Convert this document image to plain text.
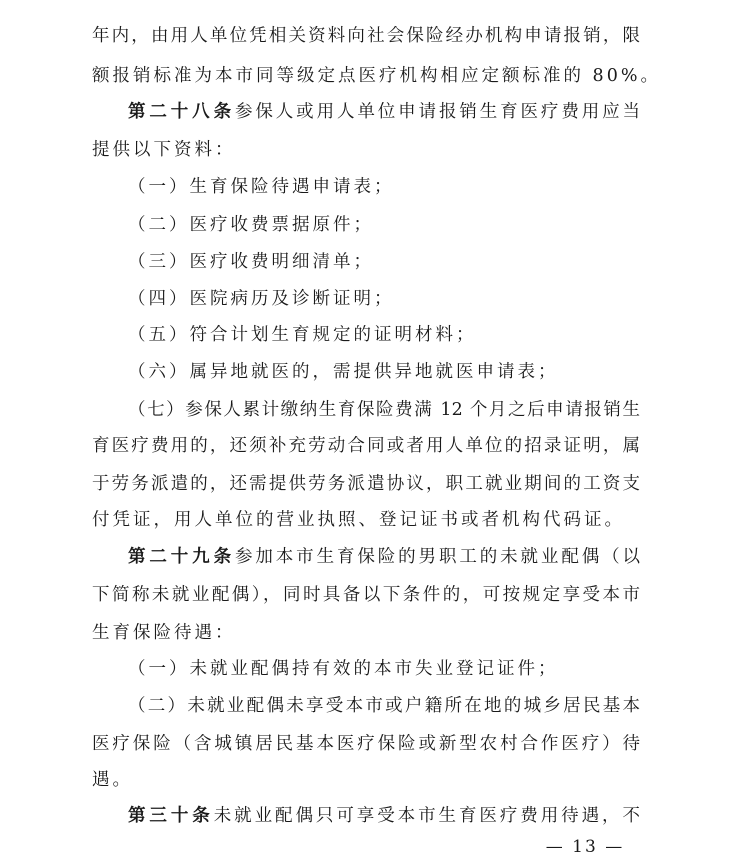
年内，由用人单位凭相关资料向社会保险经办机构申请报销，限
额报销标准为本市同等级定点医疗机构相应定额标准的 80%。
第二十八条参保人或用人单位申请报销生育医疗费用应当
提供以下资料：
（一）生育保险待遇申请表；
（二）医疗收费票据原件；
（三）医疗收费明细清单；
（四）医院病历及诊断证明；
（五）符合计划生育规定的证明材料；
（六）属异地就医的，需提供异地就医申请表；
（七）参保人累计缴纳生育保险费满 12 个月之后申请报销生
育医疗费用的，还须补充劳动合同或者用人单位的招录证明，属
于劳务派遣的，还需提供劳务派遣协议，职工就业期间的工资支
付凭证，用人单位的营业执照、登记证书或者机构代码证。
第二十九条参加本市生育保险的男职工的未就业配偶（以
下简称未就业配偶），同时具备以下条件的，可按规定享受本市
生育保险待遇：
（一）未就业配偶持有效的本市失业登记证件；
（二）未就业配偶未享受本市或户籍所在地的城乡居民基本
医疗保险（含城镇居民基本医疗保险或新型农村合作医疗）待
遇。
第三十条未就业配偶只可享受本市生育医疗费用待遇，不
— 13 —
